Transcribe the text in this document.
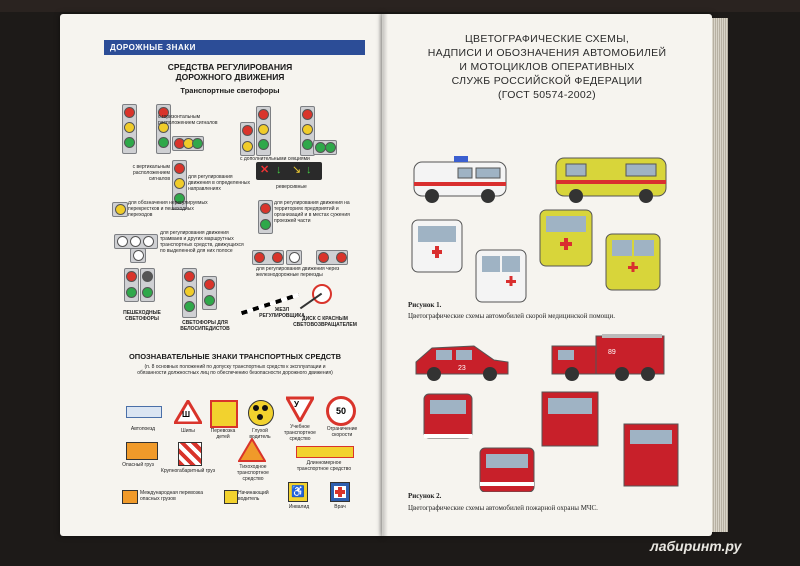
ДОРОЖНЫЕ ЗНАКИ
СРЕДСТВА РЕГУЛИРОВАНИЯ
ДОРОЖНОГО ДВИЖЕНИЯ
Транспортные светофоры
с горизонтальным расположением сигналов
с дополнительными секциями
с вертикальным расположением сигналов	для регулирования движения в определенных направлениях
✕ ↓ ↘ ↓
реверсивные
для обозначения нерегулируемых перекрестков и пешеходных переходов
для регулирования движения на территориях предприятий и организаций и в местах сужения проезжей части
для регулирования движения трамваев и других маршрутных транспортных средств, движущихся по выделенной для них полосе
для регулирования движения через железнодорожные переезды
ПЕШЕХОДНЫЕ СВЕТОФОРЫ
СВЕТОФОРЫ ДЛЯ ВЕЛОСИПЕДИСТОВ
ЖЕЗЛ РЕГУЛИРОВЩИКА
ДИСК С КРАСНЫМ СВЕТОВОЗВРАЩАТЕЛЕМ
ОПОЗНАВАТЕЛЬНЫЕ ЗНАКИ ТРАНСПОРТНЫХ СРЕДСТВ
(п. 8 основных положений по допуску транспортных средств к эксплуатации и обязанности должностных лиц по обеспечению безопасности дорожного движения)
Автопоезд
Ш
Шипы	Перевозка детей
Глухой водитель
У
Учебное транспортное средство
50
Ограничение скорости
Опасный груз
Крупногабаритный груз
Тихоходное транспортное средство
Длинномерное транспортное средство
Международная перевозка опасных грузов
Начинающий водитель
♿
Инвалид	Врач
ЦВЕТОГРАФИЧЕСКИЕ СХЕМЫ,
НАДПИСИ И ОБОЗНАЧЕНИЯ АВТОМОБИЛЕЙ
И МОТОЦИКЛОВ ОПЕРАТИВНЫХ
СЛУЖБ РОССИЙСКОЙ ФЕДЕРАЦИИ
(ГОСТ 50574-2002)
Рисунок 1.
Цветографические схемы автомобилей скорой медицинской помощи.
23
89
Рисунок 2.
Цветографические схемы автомобилей пожарной охраны МЧС.
лабиринт.ру
